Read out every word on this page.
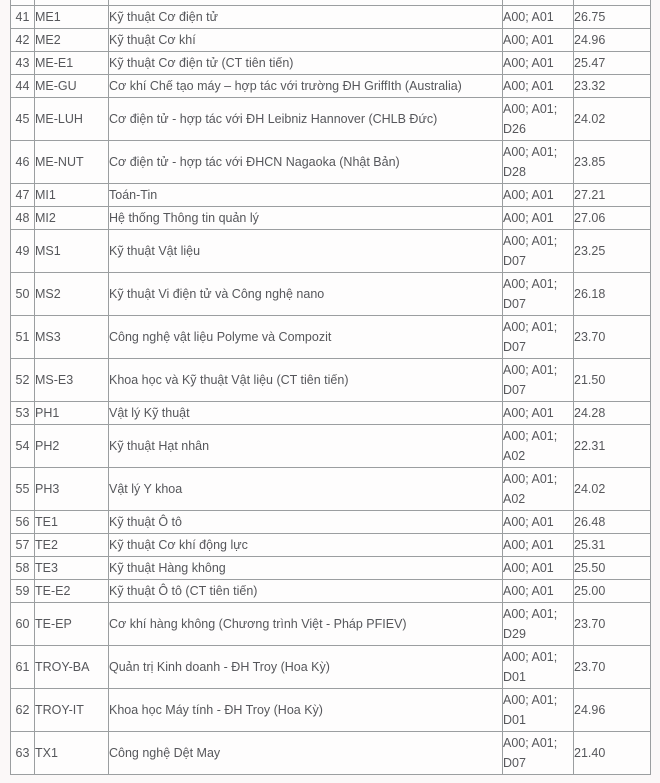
41	ME1	Kỹ thuật Cơ điện tử	A00; A01	26.75
42	ME2	Kỹ thuật Cơ khí	A00; A01	24.96
43	ME-E1	Kỹ thuật Cơ điện tử (CT tiên tiến)	A00; A01	25.47
44	ME-GU	Cơ khí Chế tạo máy – hợp tác với trường ĐH GriffIth (Australia)	A00; A01	23.32
45	ME-LUH	Cơ điện tử - hợp tác với ĐH Leibniz Hannover (CHLB Đức)	A00; A01; D26	24.02
46	ME-NUT	Cơ điện tử - hợp tác với ĐHCN Nagaoka (Nhật Bản)	A00; A01; D28	23.85
47	MI1	Toán-Tin	A00; A01	27.21
48	MI2	Hệ thống Thông tin quản lý	A00; A01	27.06
49	MS1	Kỹ thuật Vật liệu	A00; A01; D07	23.25
50	MS2	Kỹ thuật Vi điện tử và Công nghệ nano	A00; A01; D07	26.18
51	MS3	Công nghệ vật liệu Polyme và Compozit	A00; A01; D07	23.70
52	MS-E3	Khoa học và Kỹ thuật Vật liệu (CT tiên tiến)	A00; A01; D07	21.50
53	PH1	Vật lý Kỹ thuật	A00; A01	24.28
54	PH2	Kỹ thuật Hạt nhân	A00; A01; A02	22.31
55	PH3	Vật lý Y khoa	A00; A01; A02	24.02
56	TE1	Kỹ thuật Ô tô	A00; A01	26.48
57	TE2	Kỹ thuật Cơ khí động lực	A00; A01	25.31
58	TE3	Kỹ thuật Hàng không	A00; A01	25.50
59	TE-E2	Kỹ thuật Ô tô (CT tiên tiến)	A00; A01	25.00
60	TE-EP	Cơ khí hàng không (Chương trình Việt - Pháp PFIEV)	A00; A01; D29	23.70
61	TROY-BA	Quản trị Kinh doanh - ĐH Troy (Hoa Kỳ)	A00; A01; D01	23.70
62	TROY-IT	Khoa học Máy tính - ĐH Troy (Hoa Kỳ)	A00; A01; D01	24.96
63	TX1	Công nghệ Dệt May	A00; A01; D07	21.40
